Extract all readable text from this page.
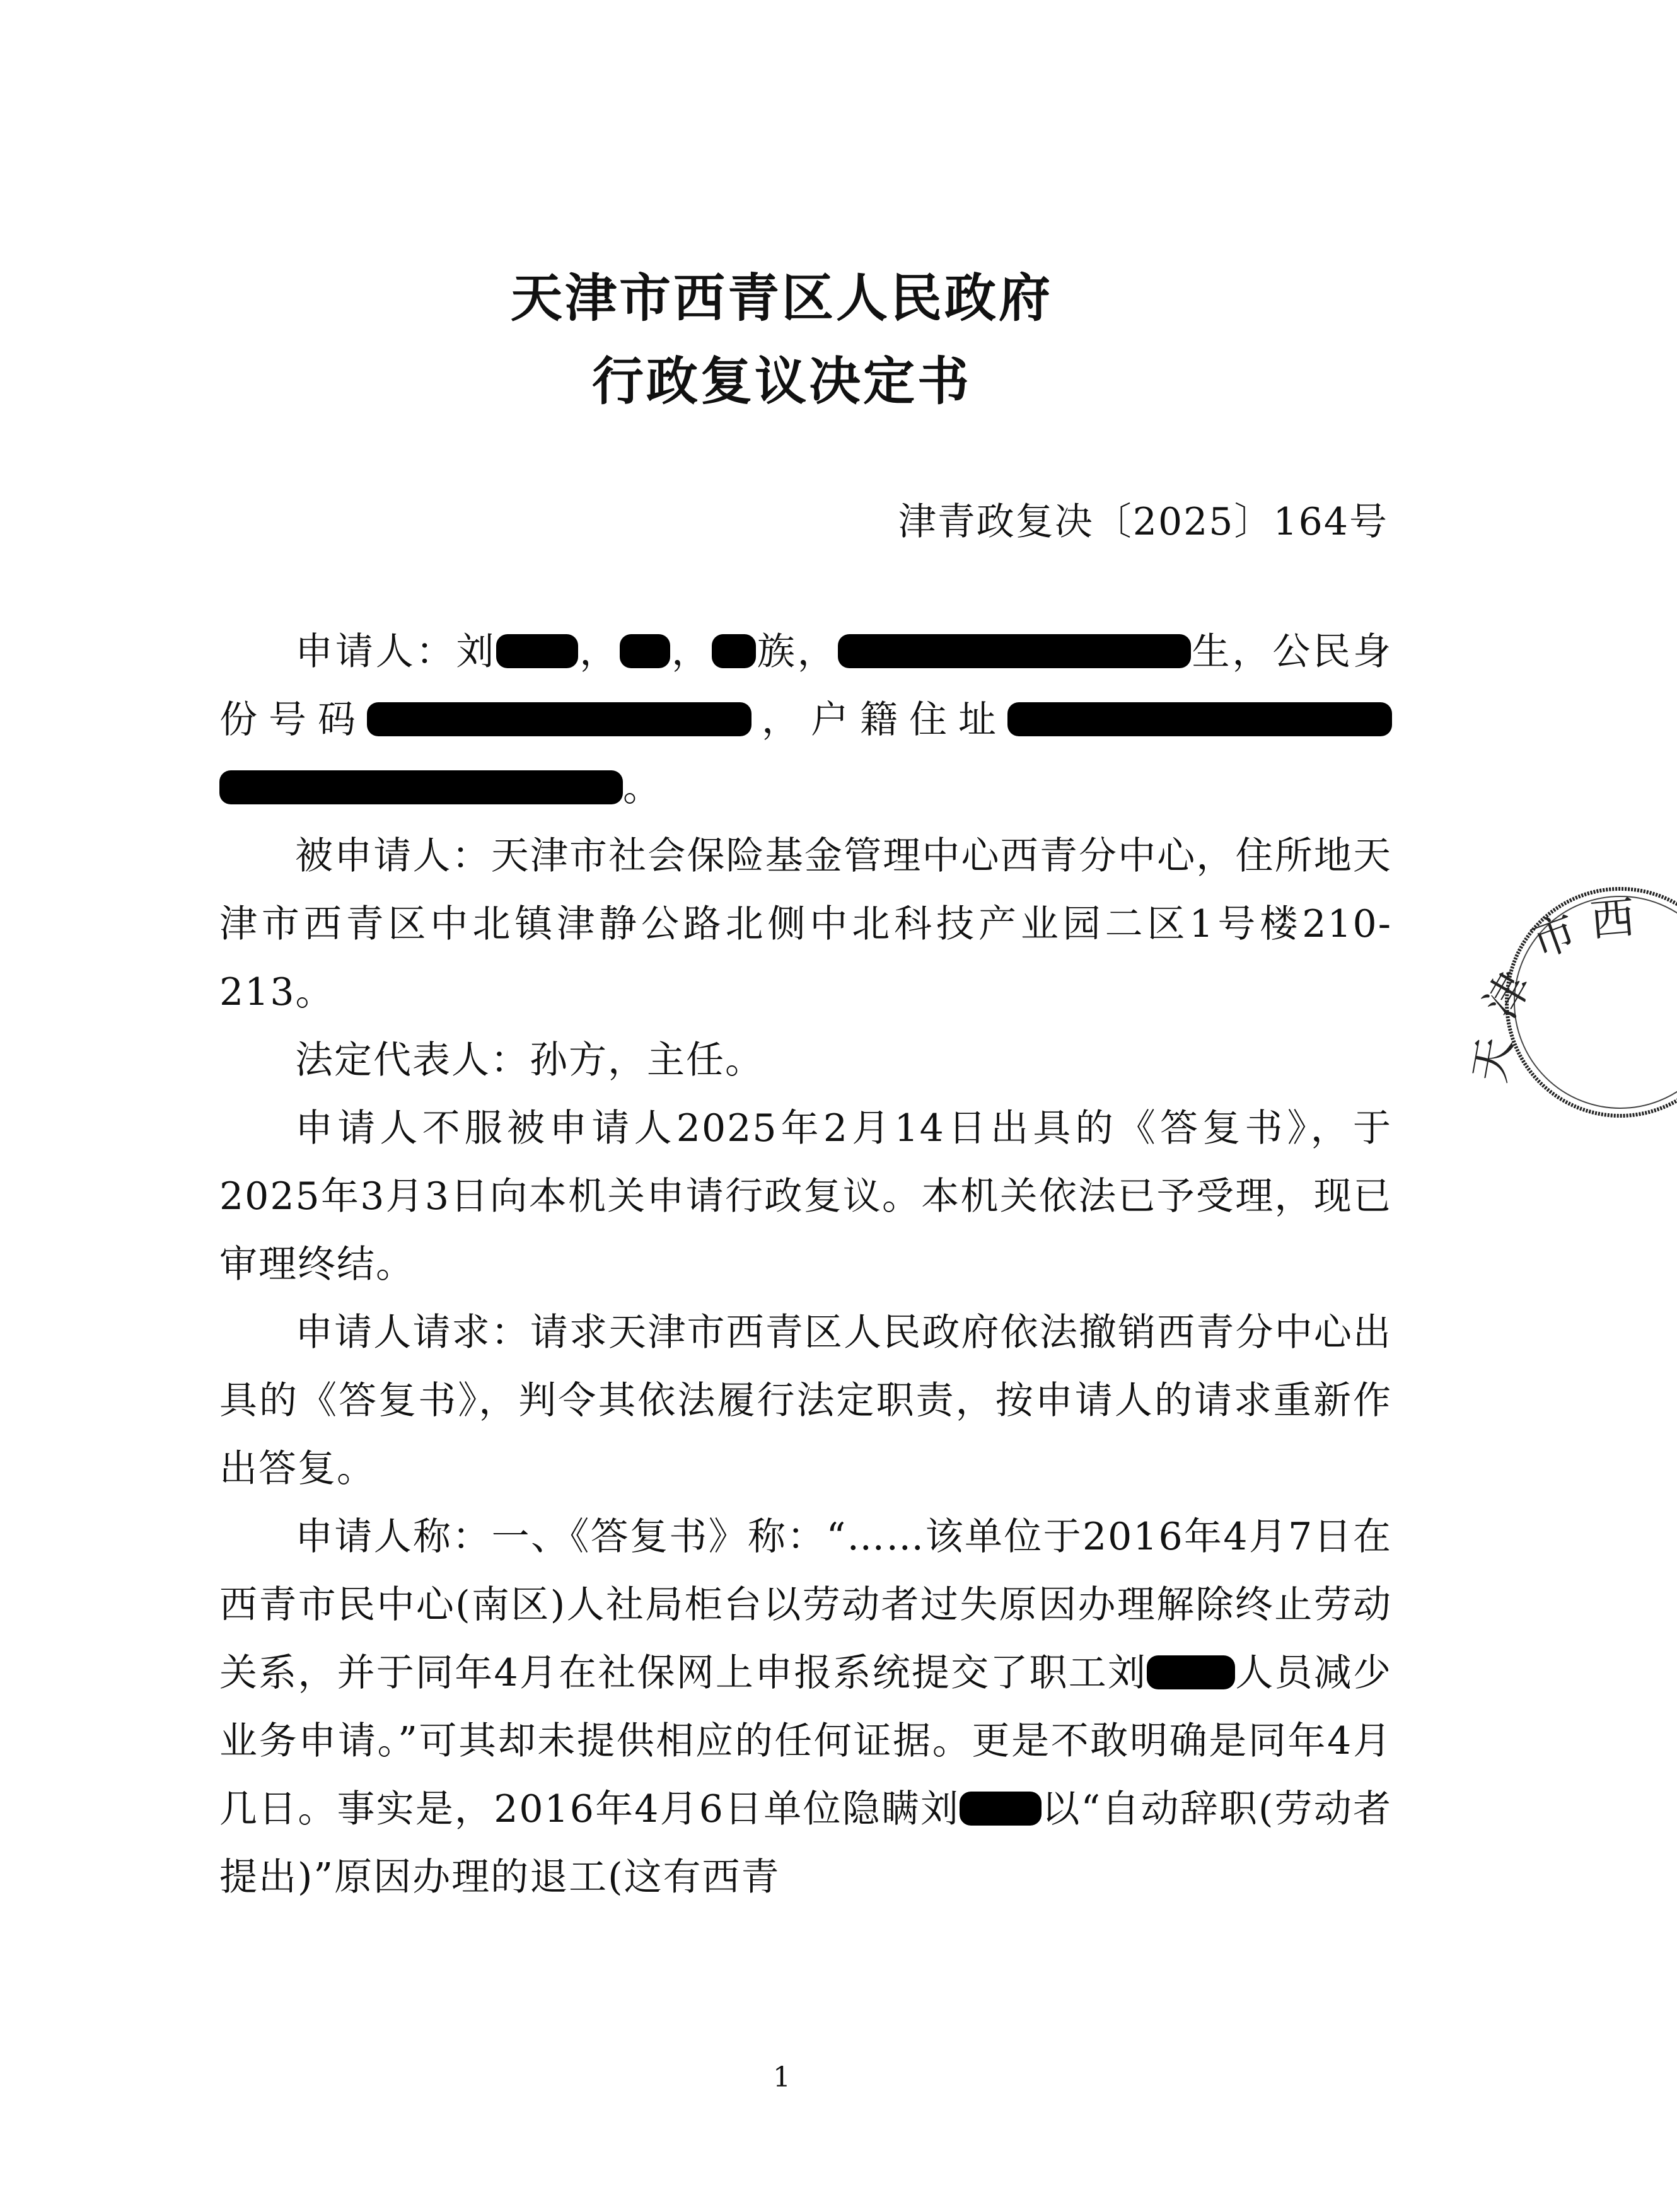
天津市西青区人民政府
行政复议决定书
津青政复决〔2025〕164号

申请人：刘 ， ， 族，	生，公民身份号码	，户籍住址。

被申请人：天津市社会保险基金管理中心西青分中心，住所地天津市西青区中北镇津静公路北侧中北科技产业园二区1号楼210-213。

法定代表人：孙方，主任。

申请人不服被申请人2025年2月14日出具的《答复书》，于2025年3月3日向本机关申请行政复议。本机关依法已予受理，现已审理终结。

申请人请求：请求天津市西青区人民政府依法撤销西青分中心出具的《答复书》，判令其依法履行法定职责，按申请人的请求重新作出答复。

申请人称：一、《答复书》称：“……该单位于2016年4月7日在西青市民中心(南区)人社局柜台以劳动者过失原因办理解除终止劳动关系，并于同年4月在社保网上申报系统提交了职工刘 人员减少业务申请。”可其却未提供相应的任何证据。更是不敢明确是同年4月几日。事实是，2016年4月6日单位隐瞒刘 以“自动辞职(劳动者提出)”原因办理的退工(这有西青

市 西
津
天
1
